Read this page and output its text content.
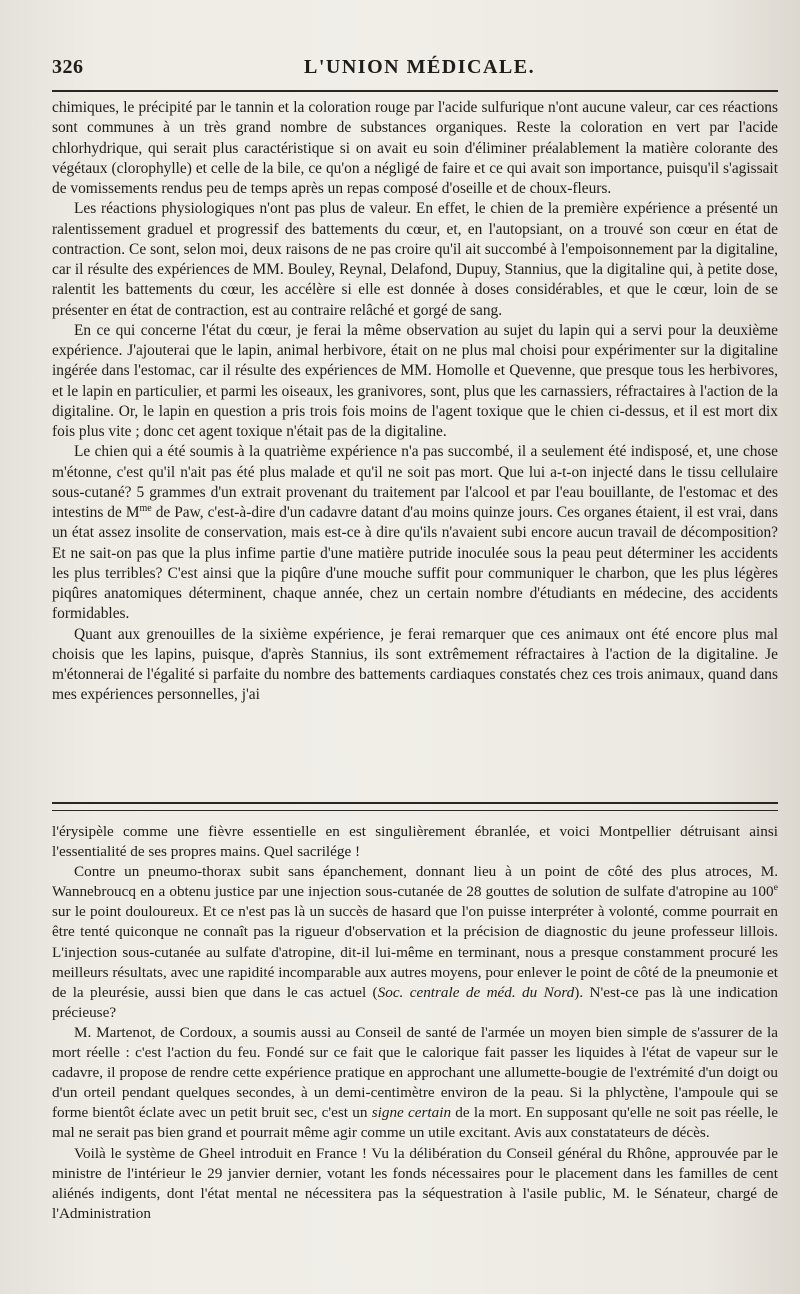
326	L'UNION MÉDICALE.

chimiques, le précipité par le tannin et la coloration rouge par l'acide sulfurique n'ont aucune valeur, car ces réactions sont communes à un très grand nombre de substances organiques. Reste la coloration en vert par l'acide chlorhydrique, qui serait plus caractéristique si on avait eu soin d'éliminer préalablement la matière colorante des végétaux (clorophylle) et celle de la bile, ce qu'on a négligé de faire et ce qui avait son importance, puisqu'il s'agissait de vomissements rendus peu de temps après un repas composé d'oseille et de choux-fleurs.

Les réactions physiologiques n'ont pas plus de valeur. En effet, le chien de la première expérience a présenté un ralentissement graduel et progressif des battements du cœur, et, en l'autopsiant, on a trouvé son cœur en état de contraction. Ce sont, selon moi, deux raisons de ne pas croire qu'il ait succombé à l'empoisonnement par la digitaline, car il résulte des expériences de MM. Bouley, Reynal, Delafond, Dupuy, Stannius, que la digitaline qui, à petite dose, ralentit les battements du cœur, les accélère si elle est donnée à doses considérables, et que le cœur, loin de se présenter en état de contraction, est au contraire relâché et gorgé de sang.

En ce qui concerne l'état du cœur, je ferai la même observation au sujet du lapin qui a servi pour la deuxième expérience. J'ajouterai que le lapin, animal herbivore, était on ne plus mal choisi pour expérimenter sur la digitaline ingérée dans l'estomac, car il résulte des expériences de MM. Homolle et Quevenne, que presque tous les herbivores, et le lapin en particulier, et parmi les oiseaux, les granivores, sont, plus que les carnassiers, réfractaires à l'action de la digitaline. Or, le lapin en question a pris trois fois moins de l'agent toxique que le chien ci-dessus, et il est mort dix fois plus vite ; donc cet agent toxique n'était pas de la digitaline.

Le chien qui a été soumis à la quatrième expérience n'a pas succombé, il a seulement été indisposé, et, une chose m'étonne, c'est qu'il n'ait pas été plus malade et qu'il ne soit pas mort. Que lui a-t-on injecté dans le tissu cellulaire sous-cutané? 5 grammes d'un extrait provenant du traitement par l'alcool et par l'eau bouillante, de l'estomac et des intestins de $M^{me}$ de Paw, c'est-à-dire d'un cadavre datant d'au moins quinze jours. Ces organes étaient, il est vrai, dans un état assez insolite de conservation, mais est-ce à dire qu'ils n'avaient subi encore aucun travail de décomposition? Et ne sait-on pas que la plus infime partie d'une matière putride inoculée sous la peau peut déterminer les accidents les plus terribles? C'est ainsi que la piqûre d'une mouche suffit pour communiquer le charbon, que les plus légères piqûres anatomiques déterminent, chaque année, chez un certain nombre d'étudiants en médecine, des accidents formidables.

Quant aux grenouilles de la sixième expérience, je ferai remarquer que ces animaux ont été encore plus mal choisis que les lapins, puisque, d'après Stannius, ils sont extrêmement réfractaires à l'action de la digitaline. Je m'étonnerai de l'égalité si parfaite du nombre des battements cardiaques constatés chez ces trois animaux, quand dans mes expériences personnelles, j'ai

l'érysipèle comme une fièvre essentielle en est singulièrement ébranlée, et voici Montpellier détruisant ainsi l'essentialité de ses propres mains. Quel sacrilége !

Contre un pneumo-thorax subit sans épanchement, donnant lieu à un point de côté des plus atroces, M. Wannebroucq en a obtenu justice par une injection sous-cutanée de 28 gouttes de solution de sulfate d'atropine au 100e sur le point douloureux. Et ce n'est pas là un succès de hasard que l'on puisse interpréter à volonté, comme pourrait en être tenté quiconque ne connaît pas la rigueur d'observation et la précision de diagnostic du jeune professeur lillois. L'injection sous-cutanée au sulfate d'atropine, dit-il lui-même en terminant, nous a presque constamment procuré les meilleurs résultats, avec une rapidité incomparable aux autres moyens, pour enlever le point de côté de la pneumonie et de la pleurésie, aussi bien que dans le cas actuel (Soc. centrale de méd. du Nord). N'est-ce pas là une indication précieuse?

M. Martenot, de Cordoux, a soumis aussi au Conseil de santé de l'armée un moyen bien simple de s'assurer de la mort réelle : c'est l'action du feu. Fondé sur ce fait que le calorique fait passer les liquides à l'état de vapeur sur le cadavre, il propose de rendre cette expérience pratique en approchant une allumette-bougie de l'extrémité d'un doigt ou d'un orteil pendant quelques secondes, à un demi-centimètre environ de la peau. Si la phlyctène, l'ampoule qui se forme bientôt éclate avec un petit bruit sec, c'est un signe certain de la mort. En supposant qu'elle ne soit pas réelle, le mal ne serait pas bien grand et pourrait même agir comme un utile excitant. Avis aux constatateurs de décès.

Voilà le système de Gheel introduit en France ! Vu la délibération du Conseil général du Rhône, approuvée par le ministre de l'intérieur le 29 janvier dernier, votant les fonds nécessaires pour le placement dans les familles de cent aliénés indigents, dont l'état mental ne nécessitera pas la séquestration à l'asile public, M. le Sénateur, chargé de l'Administration
